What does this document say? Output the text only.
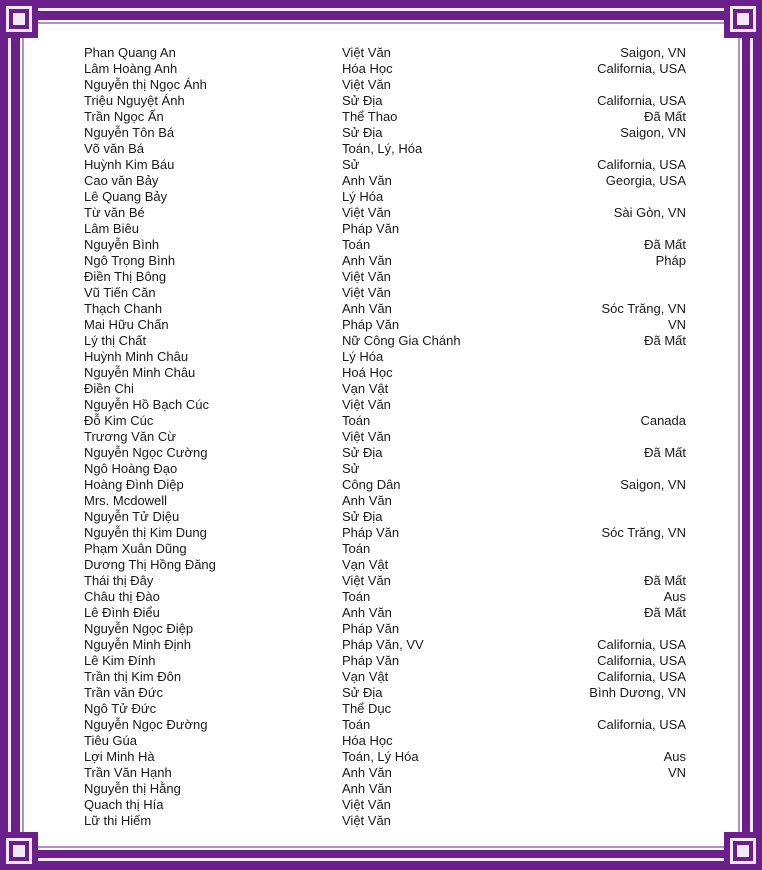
Phan Quang An	Việt Văn	Saigon, VN
Lâm Hoàng Anh	Hóa Học	California, USA
Nguyễn thị Ngọc Ánh	Việt Văn
Triệu Nguyệt Ánh	Sử Địa	California, USA
Trần Ngọc Ấn	Thể Thao	Đã Mất
Nguyễn Tôn Bá	Sử Địa	Saigon, VN
Võ văn Bá	Toán, Lý, Hóa
Huỳnh Kim Báu	Sử	California, USA
Cao văn Bảy	Anh Văn	Georgia, USA
Lê Quang Bảy	Lý Hóa
Từ văn Bé	Việt Văn	Sài Gòn, VN
Lâm Biêu	Pháp Văn
Nguyễn Bình	Toán	Đã Mất
Ngô Trọng Bình	Anh Văn	Pháp
Điền Thị Bông	Việt Văn
Vũ Tiến Căn	Việt Văn
Thạch Chanh	Anh Văn	Sóc Trăng, VN
Mai Hữu Chấn	Pháp Văn	VN
Lý thị Chất	Nữ Công Gia Chánh	Đã Mất
Huỳnh Minh Châu	Lý Hóa
Nguyễn Minh Châu	Hoá Học
Điền Chi	Vạn Vật
Nguyễn Hồ Bạch Cúc	Việt Văn
Đỗ Kim Cúc	Toán	Canada
Trương Văn Cừ	Việt Văn
Nguyễn Ngọc Cường	Sử Địa	Đã Mất
Ngô Hoàng Đạo	Sử
Hoàng Đình Diệp	Công Dân	Saigon, VN
Mrs. Mcdowell	Anh Văn
Nguyễn Tử Diệu	Sử Địa
Nguyễn thị Kim Dung	Pháp Văn	Sóc Trăng, VN
Phạm Xuân Dũng	Toán
Dương Thị Hồng Đăng	Vạn Vật
Thái thị Đây	Việt Văn	Đã Mất
Châu thị Đào	Toán	Aus
Lê Đình Điểu	Anh Văn	Đã Mất
Nguyễn Ngọc Điệp	Pháp Văn
Nguyễn Minh Định	Pháp Văn, VV	California, USA
Lê Kim Đính	Pháp Văn	California, USA
Trần thị Kim Đôn	Vạn Vật	California, USA
Trần văn Đức	Sử Địa	Bình Dương, VN
Ngô Tử Đức	Thể Dục
Nguyễn Ngọc Đường	Toán	California, USA
Tiêu Gúa	Hóa Học
Lợi Minh Hà	Toán, Lý Hóa	Aus
Trần Văn Hạnh	Anh Văn	VN
Nguyễn thị Hằng	Anh Văn
Quach thị Hía	Việt Văn
Lữ thi Hiếm	Việt Văn
